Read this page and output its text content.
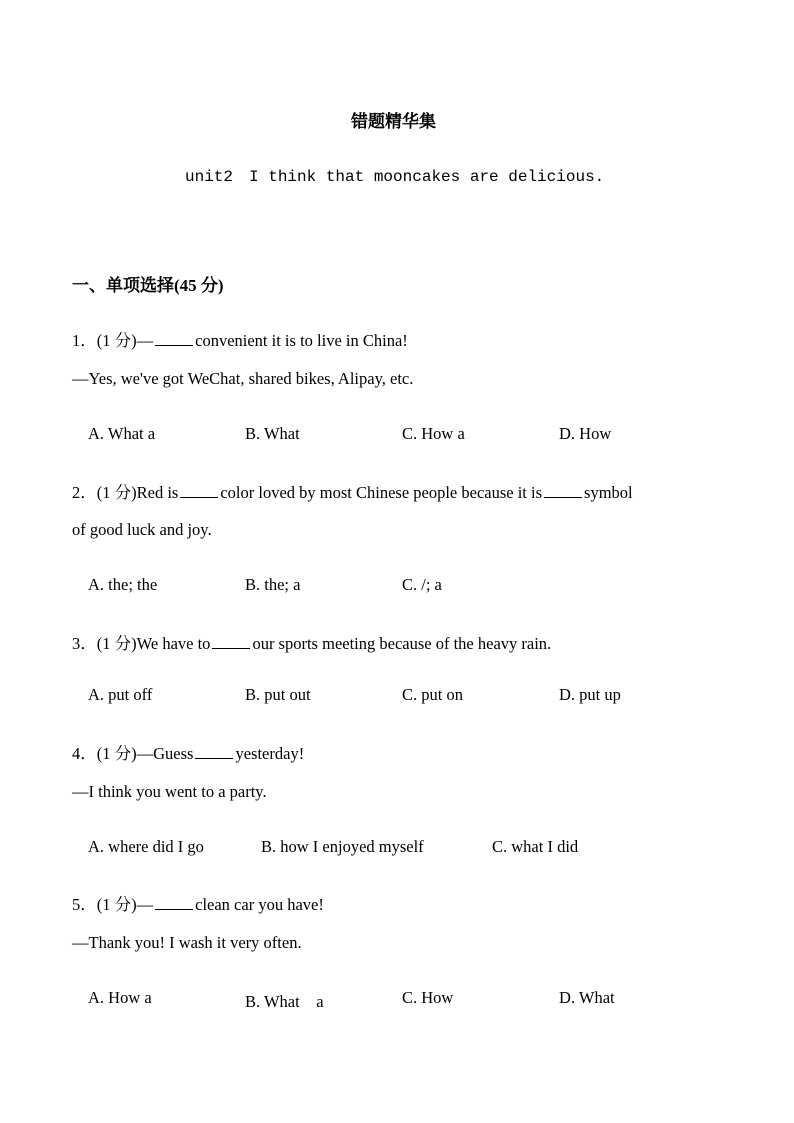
错题精华集
unit2　I think that mooncakes are delicious.
一、单项选择(45 分)
1．(1 分)—	convenient it is to live in China!
—Yes, we've got WeChat, shared bikes, Alipay, etc.
A. What a	B. What	C. How a	D. How
2．(1 分)Red is	color loved by most Chinese people because it is	symbol
of good luck and joy.
A. the; the	B. the; a	C. /; a
3．(1 分)We have to	our sports meeting because of the heavy rain.
A. put off	B. put out	C. put on	D. put up
4．(1 分)—Guess	yesterday!
—I think you went to a party.
A. where did I go	B. how I enjoyed myself	C. what I did
5．(1 分)—	clean car you have!
—Thank you! I wash it very often.
A. How a	B. What　a	C. How	D. What
